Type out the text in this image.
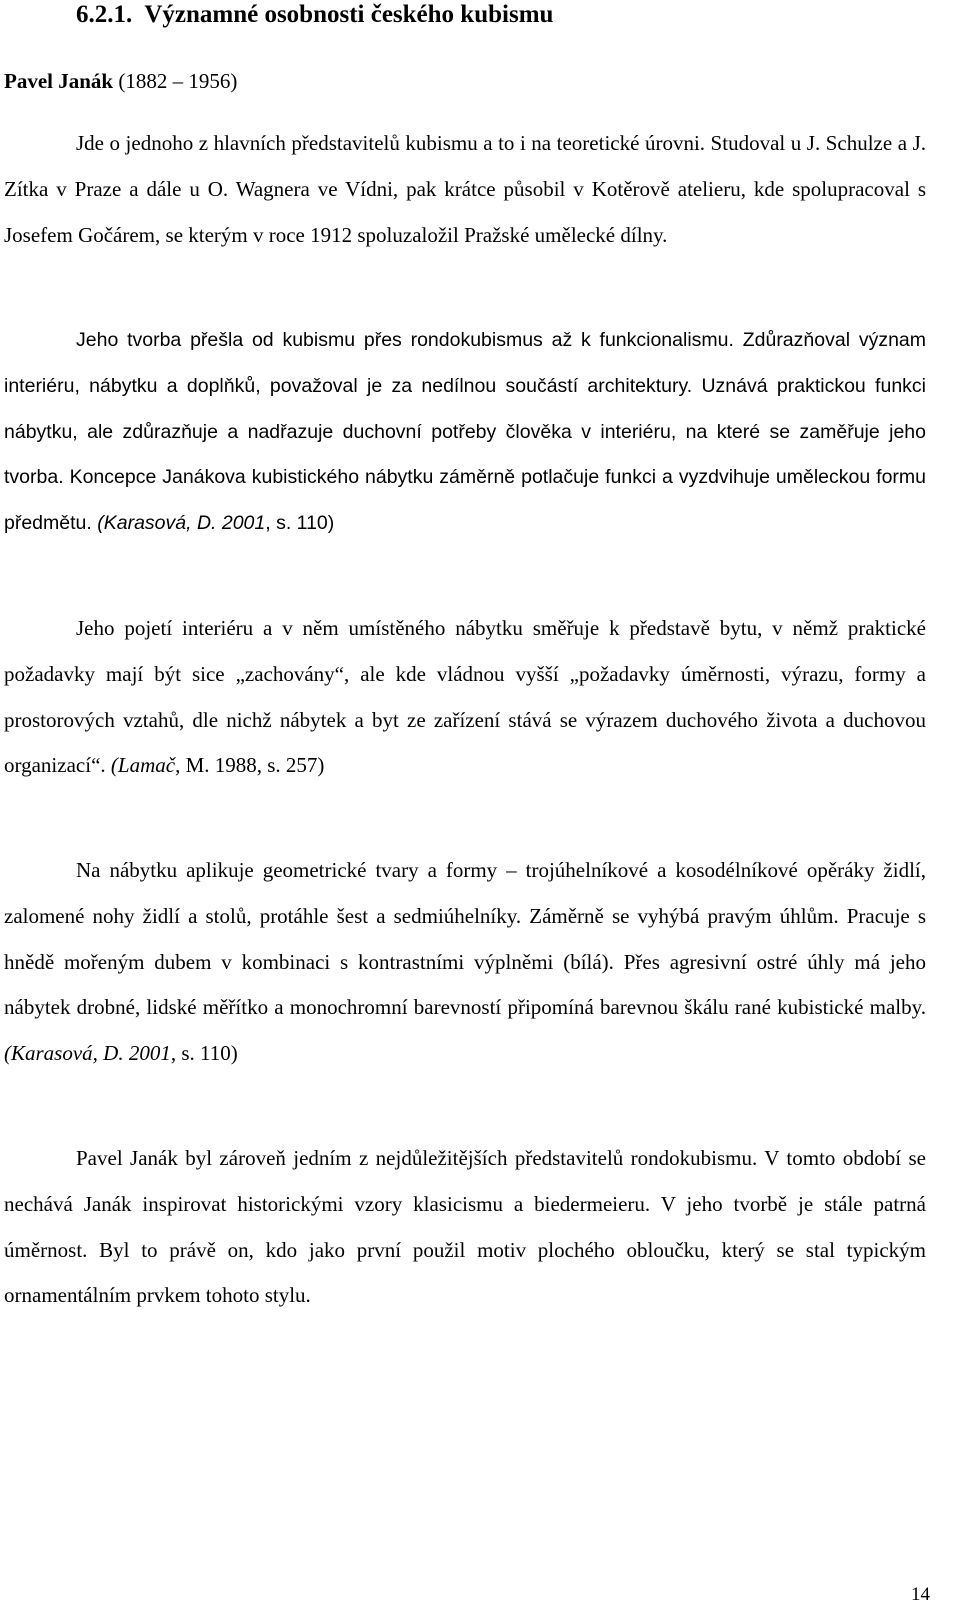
6.2.1. Významné osobnosti českého kubismu
Pavel Janák (1882 – 1956)

Jde o jednoho z hlavních představitelů kubismu a to i na teoretické úrovni. Studoval u J. Schulze a J. Zítka v Praze a dále u O. Wagnera ve Vídni, pak krátce působil v Kotěrově atelieru, kde spolupracoval s Josefem Gočárem, se kterým v roce 1912 spoluzaložil Pražské umělecké dílny.

Jeho tvorba přešla od kubismu přes rondokubismus až k funkcionalismu. Zdůrazňoval význam interiéru, nábytku a doplňků, považoval je za nedílnou součástí architektury. Uznává praktickou funkci nábytku, ale zdůrazňuje a nadřazuje duchovní potřeby člověka v interiéru, na které se zaměřuje jeho tvorba. Koncepce Janákova kubistického nábytku záměrně potlačuje funkci a vyzdvihuje uměleckou formu předmětu. (Karasová, D. 2001, s. 110)

Jeho pojetí interiéru a v něm umístěného nábytku směřuje k představě bytu, v němž praktické požadavky mají být sice „zachovány“, ale kde vládnou vyšší „požadavky úměrnosti, výrazu, formy a prostorových vztahů, dle nichž nábytek a byt ze zařízení stává se výrazem duchového života a duchovou organizací“. (Lamač, M. 1988, s. 257)

Na nábytku aplikuje geometrické tvary a formy – trojúhelníkové a kosodélníkové opěráky židlí, zalomené nohy židlí a stolů, protáhle šest a sedmiúhelníky. Záměrně se vyhýbá pravým úhlům. Pracuje s hnědě mořeným dubem v kombinaci s kontrastními výplněmi (bílá). Přes agresivní ostré úhly má jeho nábytek drobné, lidské měřítko a monochromní barevností připomíná barevnou škálu rané kubistické malby. (Karasová, D. 2001, s. 110)

Pavel Janák byl zároveň jedním z nejdůležitějších představitelů rondokubismu. V tomto období se nechává Janák inspirovat historickými vzory klasicismu a biedermeieru. V jeho tvorbě je stále patrná úměrnost. Byl to právě on, kdo jako první použil motiv plochého obloučku, který se stal typickým ornamentálním prvkem tohoto stylu.

14
